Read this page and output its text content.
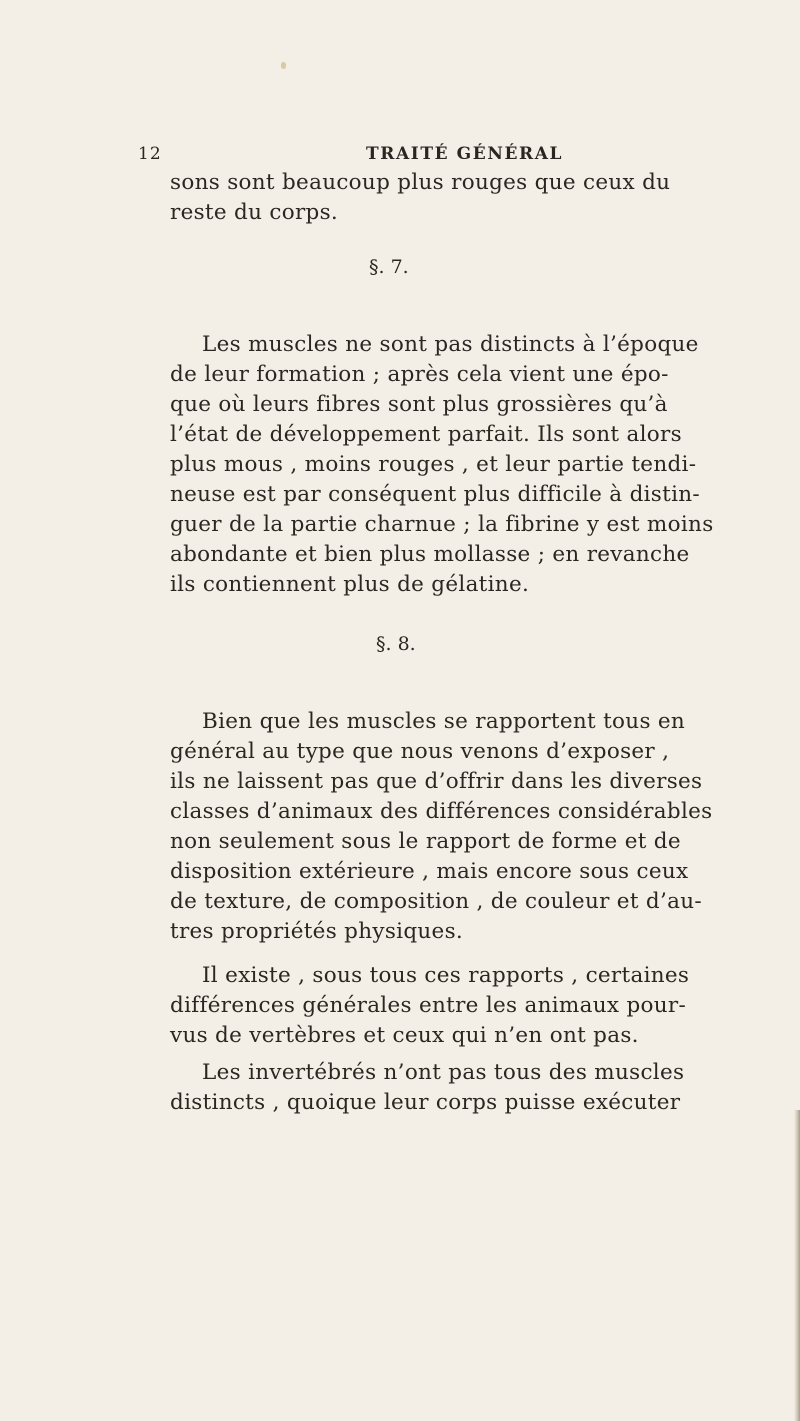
12	TRAITÉ GÉNÉRAL
sons sont beaucoup plus rouges que ceux du
reste du corps.
§. 7.
Les muscles ne sont pas distincts à l’époque
de leur formation ; après cela vient une épo-
que où leurs fibres sont plus grossières qu’à
l’état de développement parfait. Ils sont alors
plus mous , moins rouges , et leur partie tendi-
neuse est par conséquent plus difficile à distin-
guer de la partie charnue ; la fibrine y est moins
abondante et bien plus mollasse ; en revanche
ils contiennent plus de gélatine.
§. 8.
Bien que les muscles se rapportent tous en
général au type que nous venons d’exposer ,
ils ne laissent pas que d’offrir dans les diverses
classes d’animaux des différences considérables
non seulement sous le rapport de forme et de
disposition extérieure , mais encore sous ceux
de texture, de composition , de couleur et d’au-
tres propriétés physiques.
Il existe , sous tous ces rapports , certaines
différences générales entre les animaux pour-
vus de vertèbres et ceux qui n’en ont pas.
Les invertébrés n’ont pas tous des muscles
distincts , quoique leur corps puisse exécuter
